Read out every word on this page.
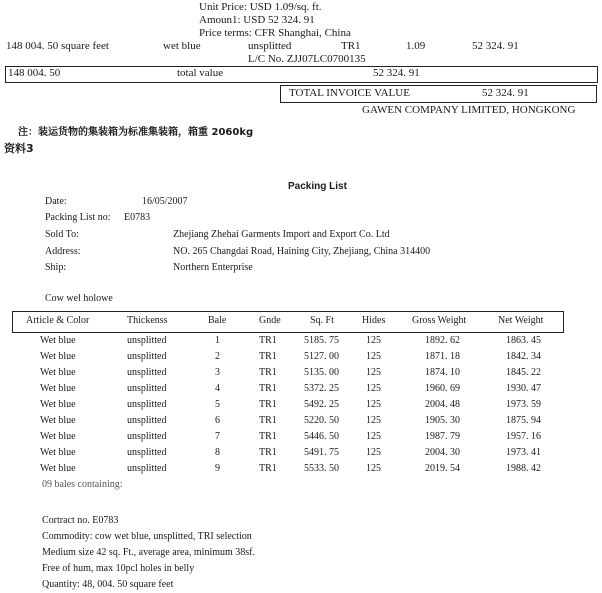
Unit Price: USD 1.09/sq. ft.
Amoun1: USD 52 324. 91
Price terms: CFR Shanghai, China
148 004. 50 square feet	wet blue	unsplitted	TR1	1.09	52 324. 91
L/C No. ZJJ07LC0700135
148 004. 50	total value	52 324. 91
TOTAL INVOICE VALUE	52 324. 91
GAWEN COMPANY LIMITED, HONGKONG
注：装运货物的集装箱为标准集装箱，箱重 2060kg
资料3
Packing List
Date:	16/05/2007
Packing List no: E0783
Sold To:	Zhejiang Zhehai Garments Import and Export Co. Ltd
Address:	NO. 265 Changdai Road, Haining City, Zhejiang, China 314400
Ship:	Northern Enterprise
Cow wel holowe
Article & Color	Thickenss	Bale	Gnde	Sq. Ft	Hides	Gross Weight	Net Weight
Wet blue	unsplitted	1	TR1	5185. 75	125	1892. 62	1863. 45
Wet blue	unsplitted	2	TR1	5127. 00	125	1871. 18	1842. 34
Wet blue	unsplitted	3	TR1	5135. 00	125	1874. 10	1845. 22
Wet blue	unsplitted	4	TR1	5372. 25	125	1960. 69	1930. 47
Wet blue	unsplitted	5	TR1	5492. 25	125	2004. 48	1973. 59
Wet blue	unsplitted	6	TR1	5220. 50	125	1905. 30	1875. 94
Wet blue	unsplitted	7	TR1	5446. 50	125	1987. 79	1957. 16
Wet blue	unsplitted	8	TR1	5491. 75	125	2004. 30	1973. 41
Wet blue	unsplitted	9	TR1	5533. 50	125	2019. 54	1988. 42
09 bales containing:
Cortract no. E0783
Commodity: cow wet blue, unsplitted, TRI selection
Medium size 42 sq. Ft., average area, minimum 38sf.
Free of hum, max 10pcl holes in belly
Quantity: 48, 004. 50 square feet
